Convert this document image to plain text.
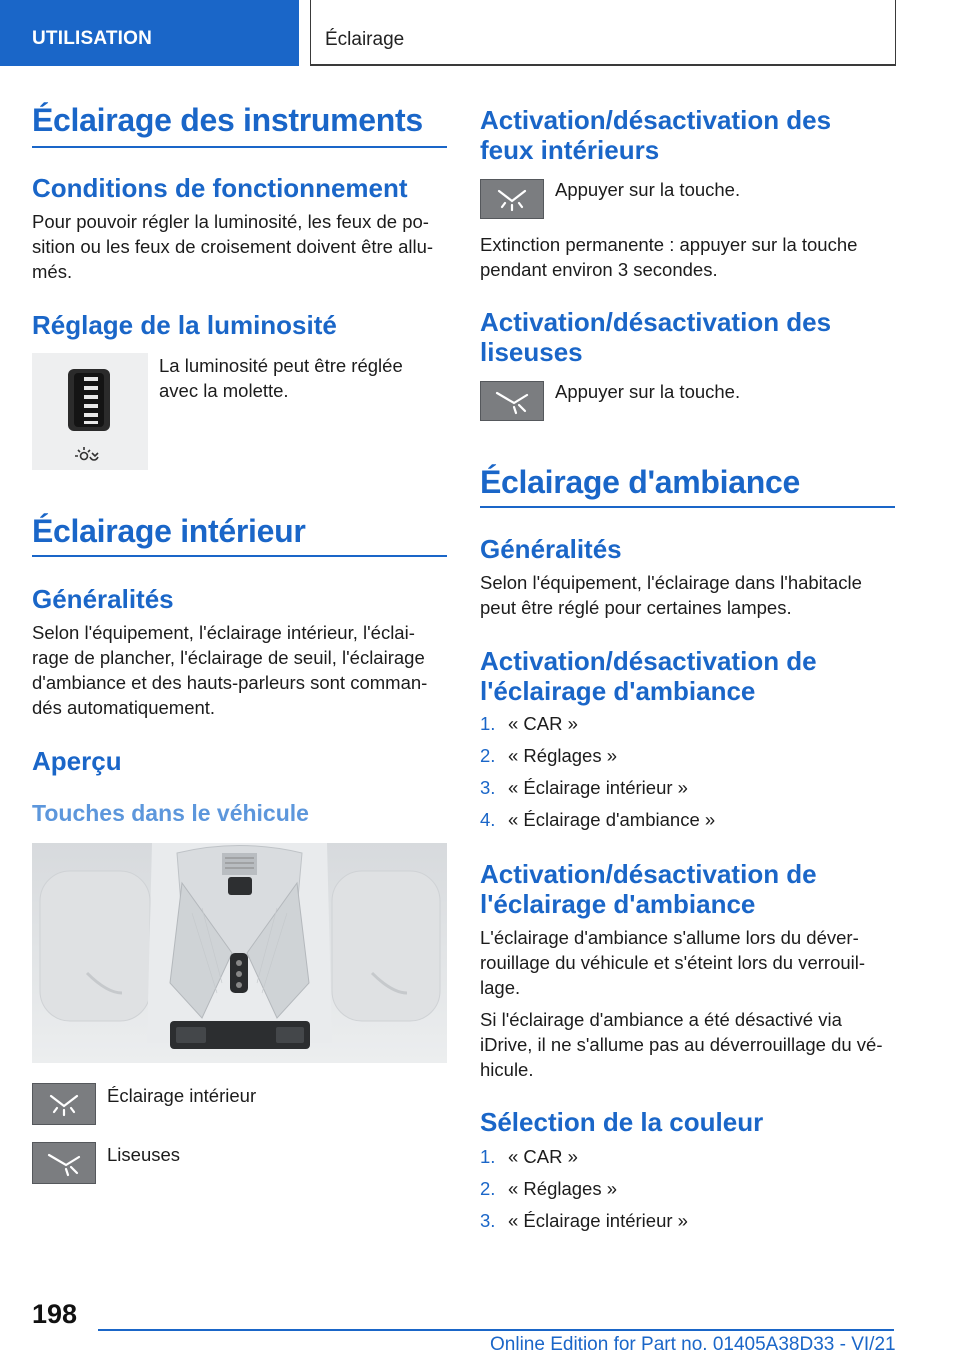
UTILISATION	Éclairage
Éclairage des instruments
Conditions de fonctionnement
Pour pouvoir régler la luminosité, les feux de po-
sition ou les feux de croisement doivent être allu-
més.
Réglage de la luminosité
La luminosité peut être réglée
avec la molette.
Éclairage intérieur
Généralités
Selon l'équipement, l'éclairage intérieur, l'éclai-
rage de plancher, l'éclairage de seuil, l'éclairage
d'ambiance et des hauts-parleurs sont comman-
dés automatiquement.
Aperçu
Touches dans le véhicule
Éclairage intérieur
Liseuses
Activation/désactivation des
feux intérieurs
Appuyer sur la touche.
Extinction permanente : appuyer sur la touche
pendant environ 3 secondes.
Activation/désactivation des
liseuses
Appuyer sur la touche.
Éclairage d'ambiance
Généralités
Selon l'équipement, l'éclairage dans l'habitacle
peut être réglé pour certaines lampes.
Activation/désactivation de
l'éclairage d'ambiance
1. « CAR »
2. « Réglages »
3. « Éclairage intérieur »
4. « Éclairage d'ambiance »
Activation/désactivation de
l'éclairage d'ambiance
L'éclairage d'ambiance s'allume lors du déver-
rouillage du véhicule et s'éteint lors du verrouil-
lage.
Si l'éclairage d'ambiance a été désactivé via
iDrive, il ne s'allume pas au déverrouillage du vé-
hicule.
Sélection de la couleur
1. « CAR »
2. « Réglages »
3. « Éclairage intérieur »
198
Online Edition for Part no. 01405A38D33 - VI/21
